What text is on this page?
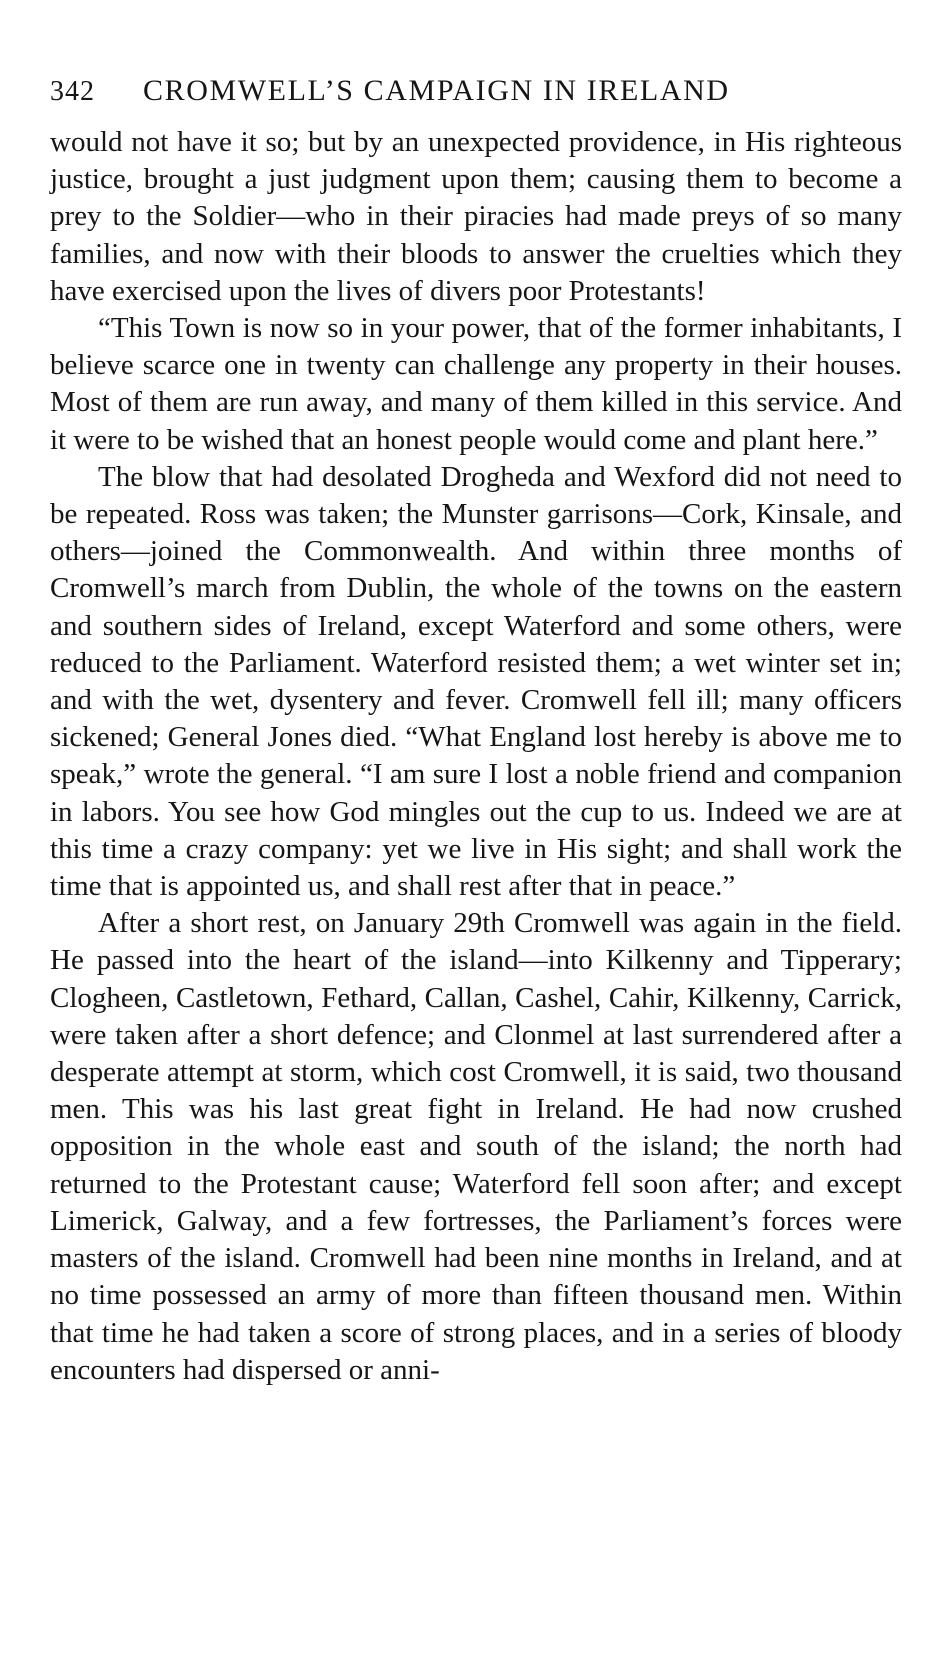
342	CROMWELL’S CAMPAIGN IN IRELAND

would not have it so; but by an unexpected providence, in His righteous justice, brought a just judgment upon them; causing them to become a prey to the Soldier—who in their piracies had made preys of so many families, and now with their bloods to answer the cruelties which they have exercised upon the lives of divers poor Protestants!

“This Town is now so in your power, that of the former inhabitants, I believe scarce one in twenty can challenge any property in their houses. Most of them are run away, and many of them killed in this service. And it were to be wished that an honest people would come and plant here.”

The blow that had desolated Drogheda and Wexford did not need to be repeated. Ross was taken; the Munster garrisons—Cork, Kinsale, and others—joined the Commonwealth. And within three months of Cromwell’s march from Dublin, the whole of the towns on the eastern and southern sides of Ireland, except Waterford and some others, were reduced to the Parliament. Waterford resisted them; a wet winter set in; and with the wet, dysentery and fever. Cromwell fell ill; many officers sickened; General Jones died. “What England lost hereby is above me to speak,” wrote the general. “I am sure I lost a noble friend and companion in labors. You see how God mingles out the cup to us. Indeed we are at this time a crazy company: yet we live in His sight; and shall work the time that is appointed us, and shall rest after that in peace.”

After a short rest, on January 29th Cromwell was again in the field. He passed into the heart of the island—into Kilkenny and Tipperary; Clogheen, Castletown, Fethard, Callan, Cashel, Cahir, Kilkenny, Carrick, were taken after a short defence; and Clonmel at last surrendered after a desperate attempt at storm, which cost Cromwell, it is said, two thousand men. This was his last great fight in Ireland. He had now crushed opposition in the whole east and south of the island; the north had returned to the Protestant cause; Waterford fell soon after; and except Limerick, Galway, and a few fortresses, the Parliament’s forces were masters of the island. Cromwell had been nine months in Ireland, and at no time possessed an army of more than fifteen thousand men. Within that time he had taken a score of strong places, and in a series of bloody encounters had dispersed or anni-
